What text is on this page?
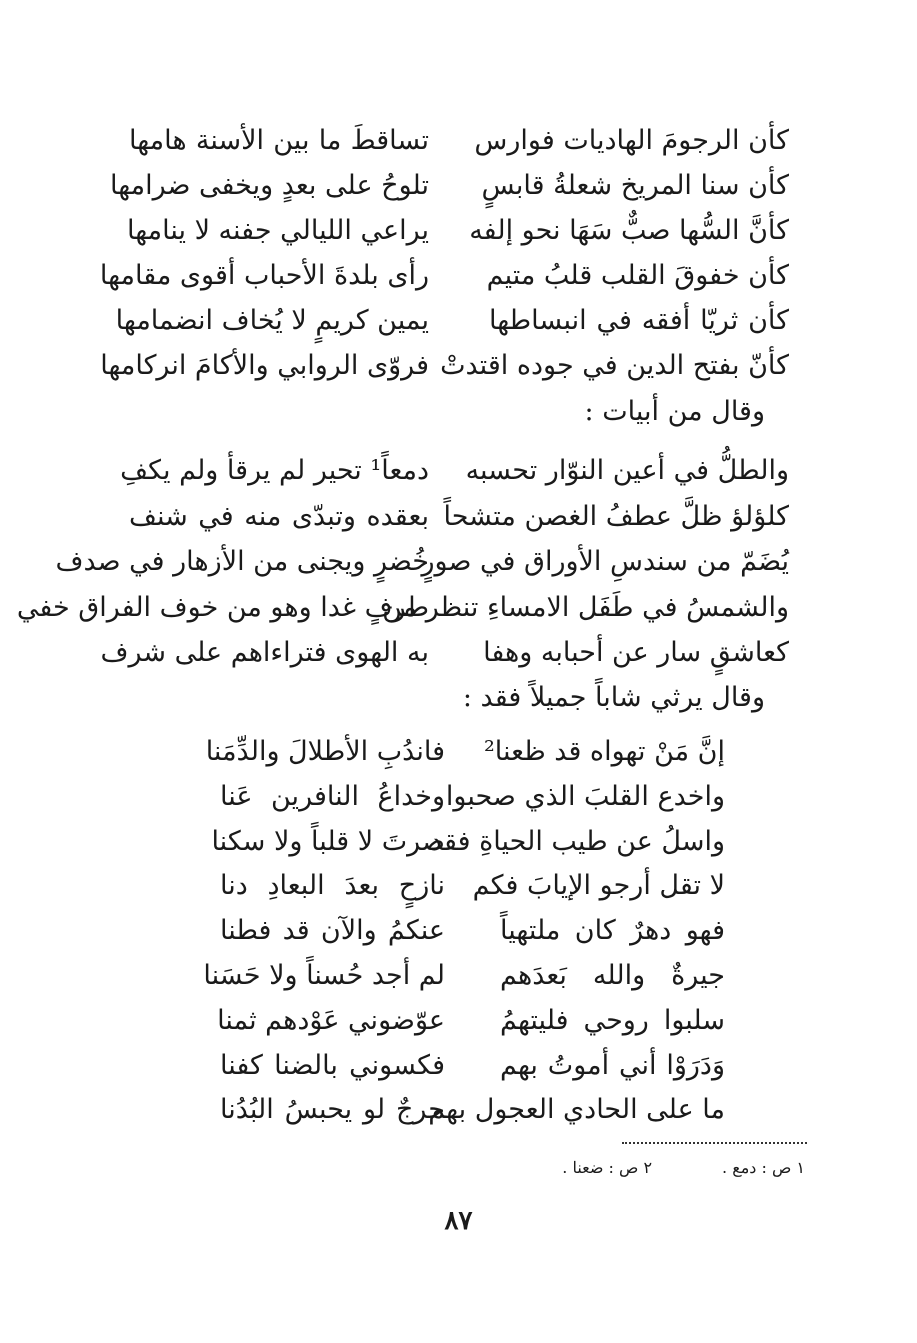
كأن الرجومَ الهاديات فوارس
تساقطَ ما بين الأسنة هامها
كأن سنا المريخ شعلةُ قابسٍ
تلوحُ على بعدٍ ويخفى ضرامها
كأنَّ السُّها صبٌّ سَهَا نحو إلفه
يراعي الليالي جفنه لا ينامها
كأن خفوقَ القلب قلبُ متيم
رأى بلدةَ الأحباب أقوى مقامها
كأن ثريّا أفقه في انبساطها
يمين كريمٍ لا يُخاف انضمامها
كأنّ بفتح الدين في جوده اقتدتْ
فروّى الروابي والأكامَ انركامها
وقال من أبيات :
والطلُّ في أعين النوّار تحسبه
دمعاً¹ تحير لم يرقأ ولم يكفِ
كلؤلؤ ظلَّ عطفُ الغصن متشحاً
بعقده وتبدّى منه في شنف
يُضَمّ من سندسِ الأوراق في صورٍ
خُضرٍ ويجنى من الأزهار في صدف
والشمسُ في طَفَل الامساءِ تنظر من
طرفٍ غدا وهو من خوف الفراق خفي
كعاشقٍ سار عن أحبابه وهفا
به الهوى فتراءاهم على شرف
وقال يرثي شاباً جميلاً فقد :
إنَّ مَنْ تهواه قد ظعنا²
فاندُبِ الأطلالَ والدِّمَنا
واخدع القلبَ الذي صحبوا
وخداعُ النافرين عَنا
واسلُ عن طيب الحياةِ فقد
صرتَ لا قلباً ولا سكنا
لا تقل أرجو الإيابَ فكم
نازحٍ بعدَ البعادِ دنا
فهو دهرٌ كان ملتهياً
عنكمُ والآن قد فطنا
جيرةٌ والله بَعدَهم
لم أجد حُسناً ولا حَسَنا
سلبوا روحي فليتهمُ
عوّضوني عَوْدهم ثمنا
وَدَرَوْا أني أموتُ بهم
فكسوني بالضنا كفنا
ما على الحادي العجول بهم
حرجٌ لو يحبسُ البُدُنا
١ ص : دمع .
٢ ص : ضعنا .
٨٧
